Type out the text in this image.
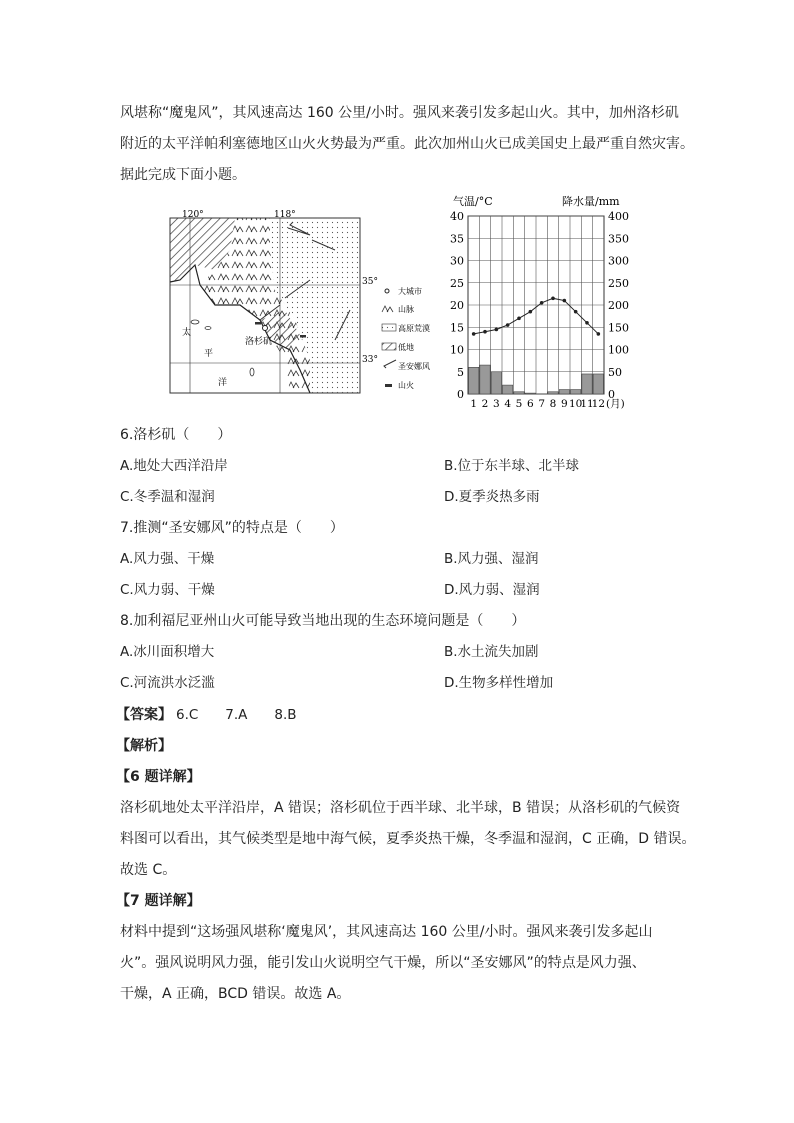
风堪称“魔鬼风”，其风速高达 160 公里/小时。强风来袭引发多起山火。其中，加州洛杉矶
附近的太平洋帕利塞德地区山火火势最为严重。此次加州山火已成美国史上最严重自然灾害。
据此完成下面小题。
120°	118°
35°
33°
洛杉矶
太
平
洋
大城市
山脉
高原荒漠
低地
圣安娜风
山火
气温/°C	降水量/mm
0
5
10
15
20
25
30
35
40
0
50
100
150
200
250
300
350
400
1 2 3 4 5 6 7 8 9 10
11
12 (月)
6.洛杉矶（　　）
A.地处大西洋沿岸	B.位于东半球、北半球
C.冬季温和湿润	D.夏季炎热多雨
7.推测“圣安娜风”的特点是（　　）
A.风力强、干燥	B.风力强、湿润
C.风力弱、干燥	D.风力弱、湿润
8.加利福尼亚州山火可能导致当地出现的生态环境问题是（　　）
A.冰川面积增大	B.水土流失加剧
C.河流洪水泛滥	D.生物多样性增加
【答案】 6.C　　7.A　　8.B
【解析】
【6 题详解】
洛杉矶地处太平洋沿岸，A 错误；洛杉矶位于西半球、北半球，B 错误；从洛杉矶的气候资
料图可以看出，其气候类型是地中海气候，夏季炎热干燥，冬季温和湿润，C 正确，D 错误。
故选 C。
【7 题详解】
材料中提到“这场强风堪称‘魔鬼风’，其风速高达 160 公里/小时。强风来袭引发多起山
火”。强风说明风力强，能引发山火说明空气干燥，所以“圣安娜风”的特点是风力强、
干燥，A 正确，BCD 错误。故选 A。
